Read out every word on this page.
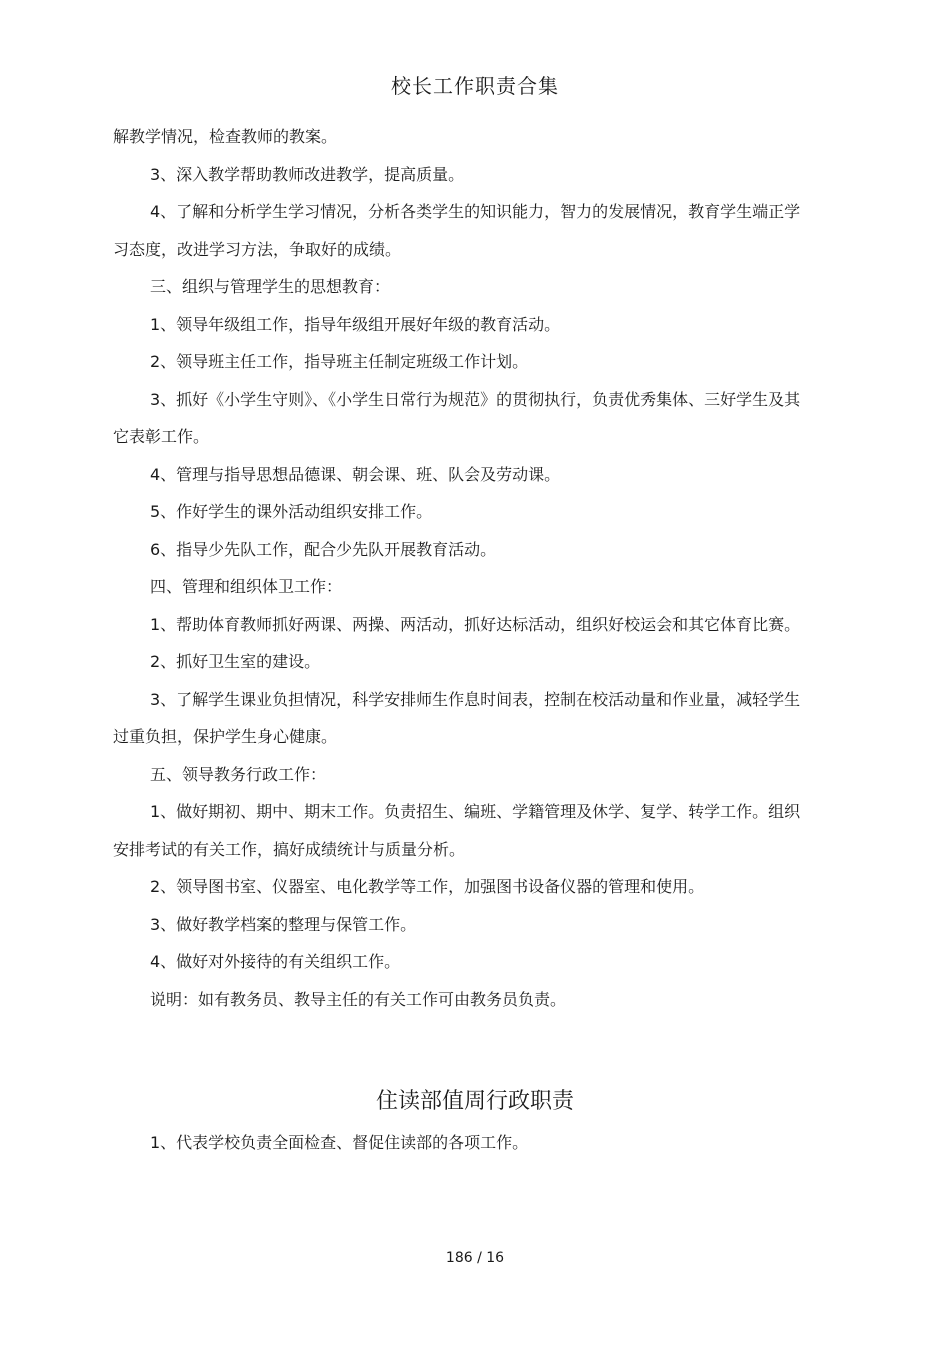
校长工作职责合集

解教学情况，检查教师的教案。

3、深入教学帮助教师改进教学，提高质量。

4、了解和分析学生学习情况，分析各类学生的知识能力，智力的发展情况，教育学生端正学习态度，改进学习方法，争取好的成绩。

三、组织与管理学生的思想教育：

1、领导年级组工作，指导年级组开展好年级的教育活动。

2、领导班主任工作，指导班主任制定班级工作计划。

3、抓好《小学生守则》、《小学生日常行为规范》的贯彻执行，负责优秀集体、三好学生及其它表彰工作。

4、管理与指导思想品德课、朝会课、班、队会及劳动课。

5、作好学生的课外活动组织安排工作。

6、指导少先队工作，配合少先队开展教育活动。

四、管理和组织体卫工作：

1、帮助体育教师抓好两课、两操、两活动，抓好达标活动，组织好校运会和其它体育比赛。

2、抓好卫生室的建设。

3、了解学生课业负担情况，科学安排师生作息时间表，控制在校活动量和作业量，减轻学生过重负担，保护学生身心健康。

五、领导教务行政工作：

1、做好期初、期中、期末工作。负责招生、编班、学籍管理及休学、复学、转学工作。组织安排考试的有关工作，搞好成绩统计与质量分析。

2、领导图书室、仪器室、电化教学等工作，加强图书设备仪器的管理和使用。

3、做好教学档案的整理与保管工作。

4、做好对外接待的有关组织工作。

说明：如有教务员、教导主任的有关工作可由教务员负责。

住读部值周行政职责

1、代表学校负责全面检查、督促住读部的各项工作。

186 / 16
